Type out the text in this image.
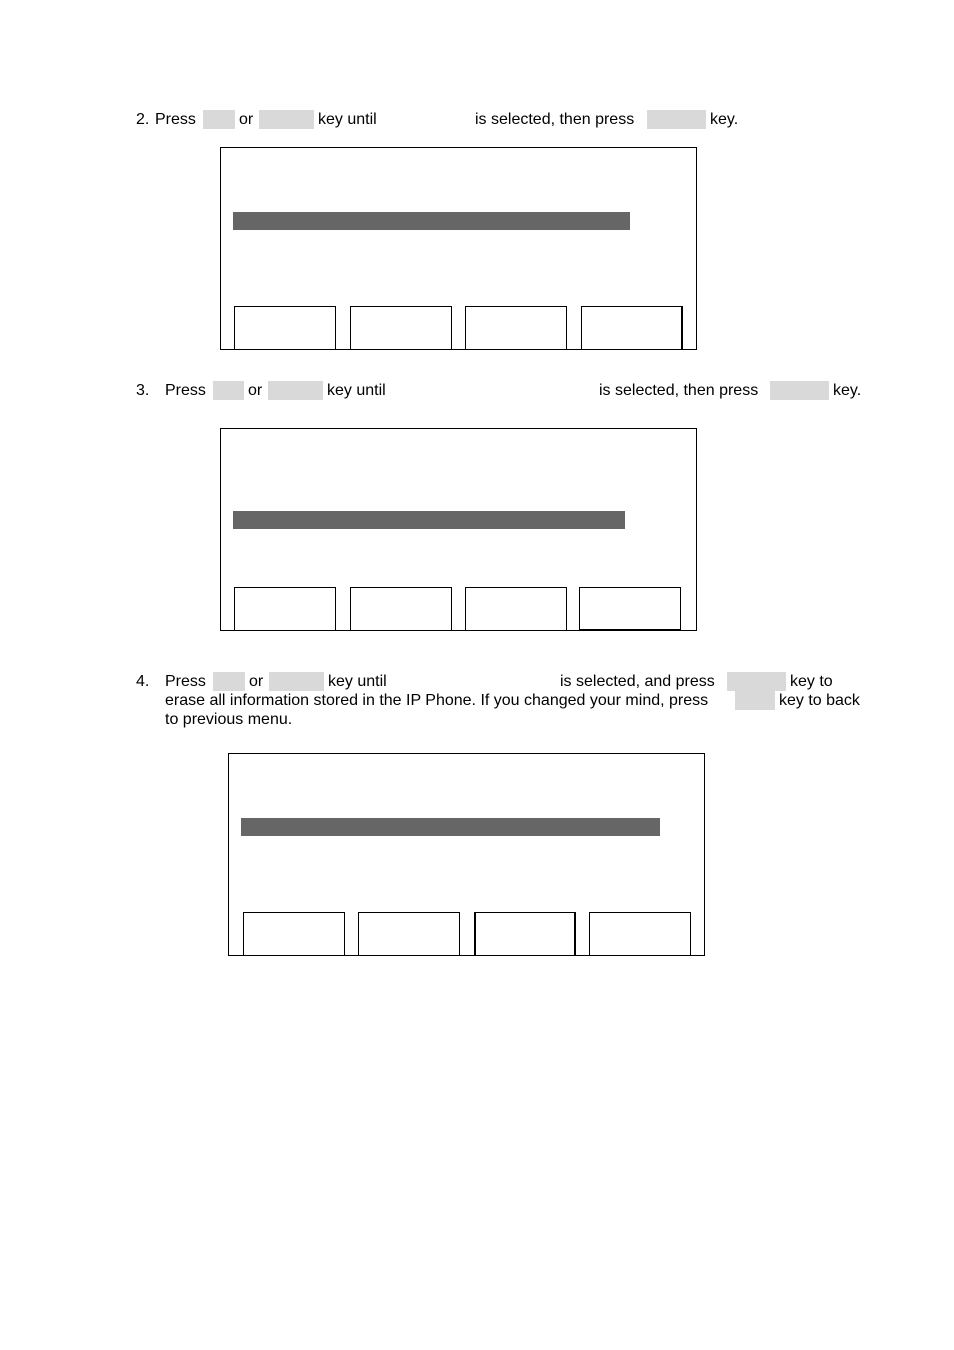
2. Press	or	key until	is selected, then press	key.
3. Press	or	key until	is selected, then press	key.
4. Press	or	key until	is selected, and press	key to
erase all information stored in the IP Phone. If you changed your mind, press	key to back
to previous menu.
